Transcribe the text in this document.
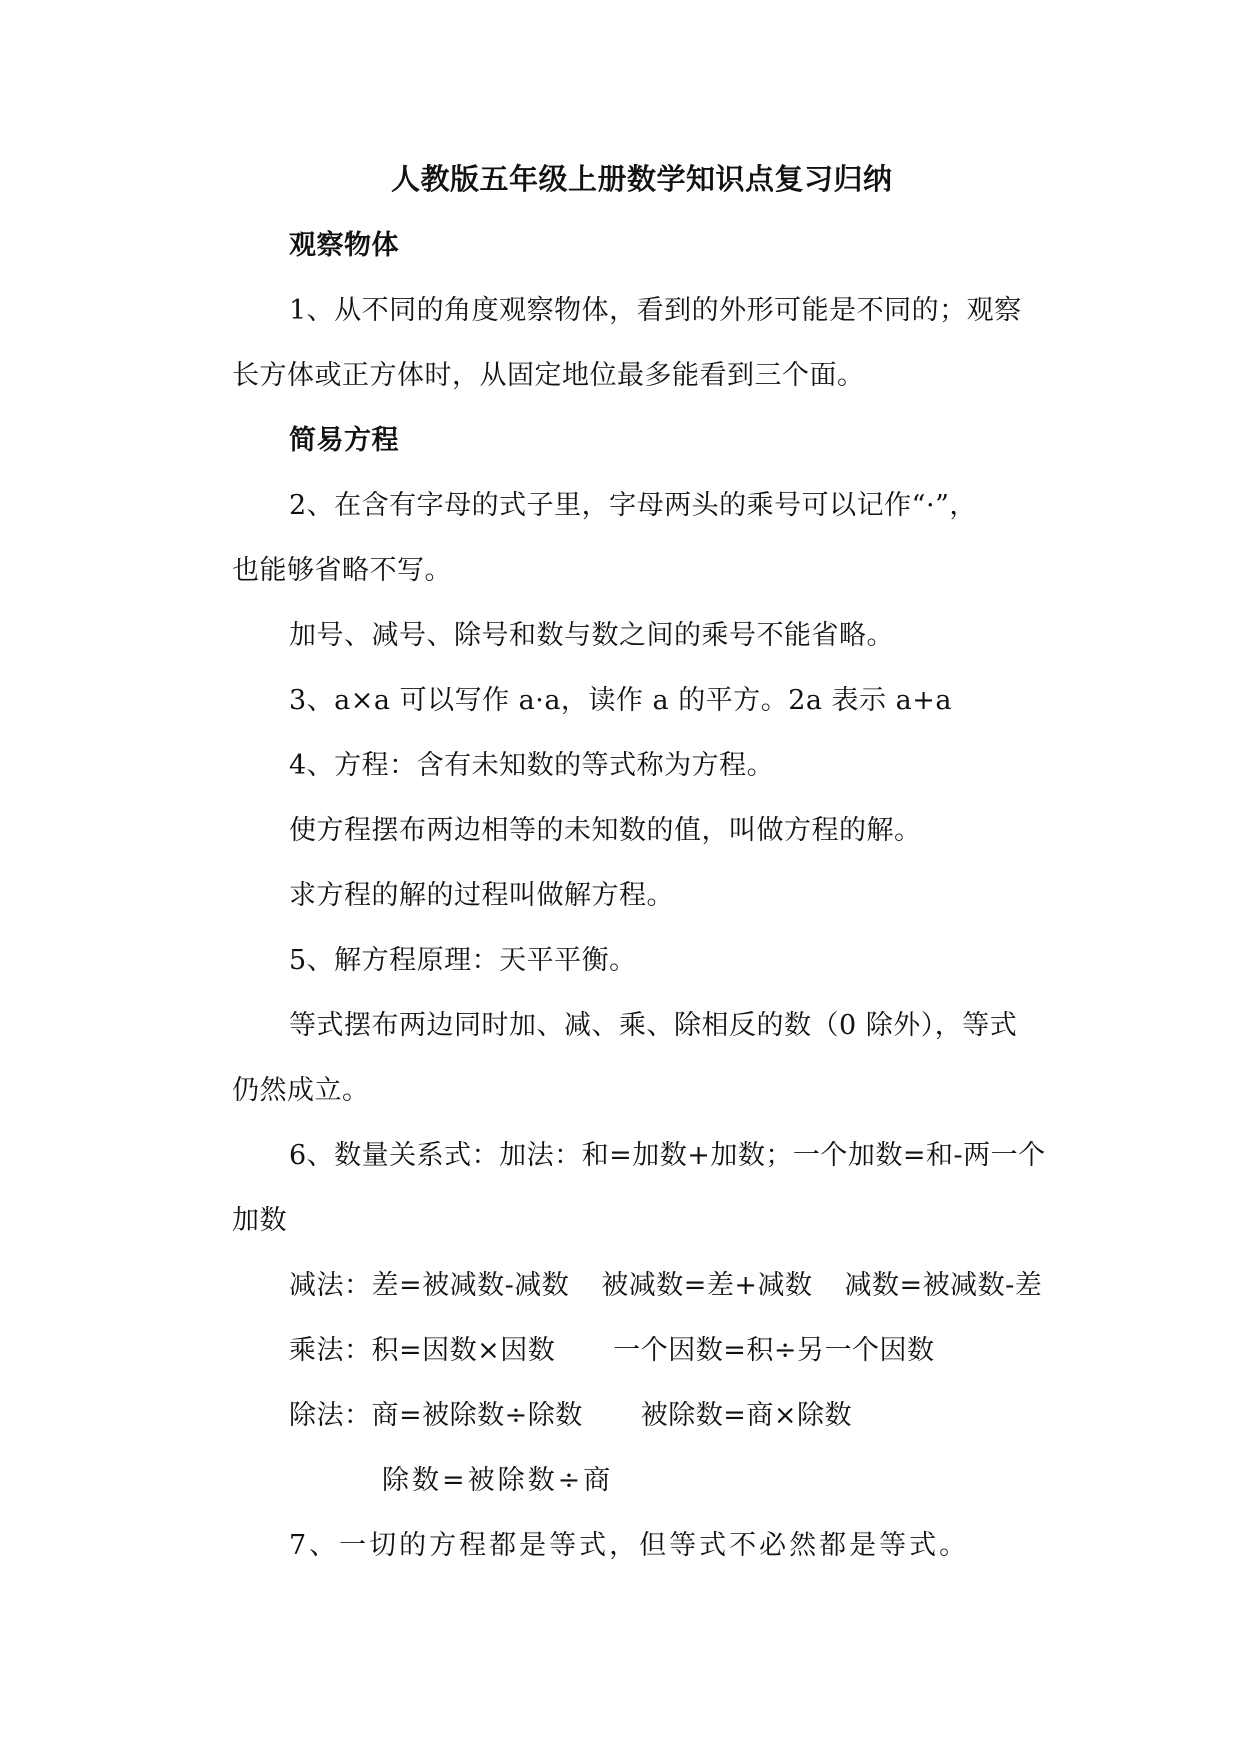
人教版五年级上册数学知识点复习归纳
观察物体
1、从不同的角度观察物体，看到的外形可能是不同的；观察
长方体或正方体时，从固定地位最多能看到三个面。
简易方程
2、在含有字母的式子里，字母两头的乘号可以记作“·”，
也能够省略不写。
加号、减号、除号和数与数之间的乘号不能省略。
3、a×a 可以写作 a·a，读作 a 的平方。2a 表示 a+a
4、方程：含有未知数的等式称为方程。
使方程摆布两边相等的未知数的值，叫做方程的解。
求方程的解的过程叫做解方程。
5、解方程原理：天平平衡。
等式摆布两边同时加、减、乘、除相反的数（0 除外），等式
仍然成立。
6、数量关系式：加法：和=加数+加数；一个加数=和-两一个
加数
减法：差=被减数-减数 被减数=差+减数 减数=被减数-差
乘法：积=因数×因数 一个因数=积÷另一个因数
除法：商=被除数÷除数 被除数=商×除数
除数=被除数÷商
7、一切的方程都是等式，但等式不必然都是等式。
